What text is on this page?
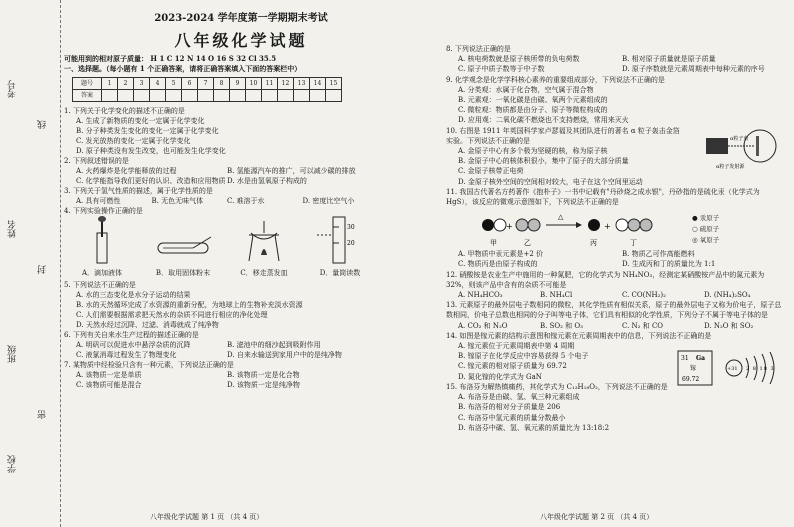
学校
班级
姓名
考号
密
封
线
2023-2024 学年度第一学期期末考试
八年级化学试题
可能用到的相对原子质量： H 1 C 12 N 14 O 16 S 32 Cl 35.5
一、选择题。（每小题有 1 个正确答案，请将正确答案填入下面的答案栏中）
题号	1	2	3	4	5	6	7	8	9	10	11	12	13	14	15
答案															
1. 下列关于化学变化的描述不正确的是
A. 生成了新物质的变化一定属于化学变化
B. 分子种类发生变化的变化一定属于化学变化
C. 发光放热的变化一定属于化学变化
D. 原子种类没有发生改变，也可能发生化学变化
2. 下列叙述错误的是
A. 火药爆炸是化学能释放的过程	B. 氢能源汽车的推广，可以减少碳的排放
C. 化学能指导我们更好的认识、改造和应用物质 D. 水是由氢氧原子构成的
3. 下列关于氢气性质的描述，属于化学性质的是
A. 具有可燃性	B. 无色无味气体	C. 难溶于水	D. 密度比空气小
4. 下列实验操作正确的是
A．滴加液体	B．取用固体粉末	C．移走蒸发皿
30
20
D．量筒读数
5. 下列说法不正确的是
A. 水的三态变化是水分子运动的结果
B. 水的天然循环完成了水资源的重新分配，为地球上的生物补充淡水资源
C. 人们需要根据需求把天然水的杂质不同进行相应的净化处理
D. 天然水经过沉降、过滤、消毒就成了纯净物
6. 下列有关自来水生产过程的描述正确的是
A. 明矾可以促进水中悬浮杂质的沉降	B. 滤池中的细沙起到吸附作用
C. 液氯消毒过程发生了物理变化	D. 自来水输送到家用户中的是纯净物
7. 某物质中经检验只含有一种元素，下列说法正确的是
A. 该物质一定是单质	B. 该物质一定是化合物
C. 该物质可能是混合	D. 该物质一定是纯净物
八年级化学试题 第 1 页 （共 4 页）
8. 下列说法正确的是
A. 核电荷数就是原子核所带的负电荷数	B. 相对原子质量就是原子质量
C. 原子中质子数等于中子数	D. 原子序数就是元素周期表中每种元素的序号
9. 化学观念是化学学科核心素养的重要组成部分，下列说法不正确的是
A. 分类观：水属于化合物，空气属于混合物
B. 元素观：一氧化碳是由碳、氧两个元素组成的
C. 微粒观：物质都是由分子、原子等微粒构成的
D. 应用观：二氧化碳不燃烧也不支持燃烧，常用来灭火
10. 右图是 1911 年英国科学家卢瑟福及其团队进行的著名 α 粒子轰击金箔实验。下列说法不正确的是
A. 金原子中心有多个极为坚硬的核，称为原子核
B. 金原子中心的核体积很小，集中了原子的大部分质量
C. 金原子核带正电荷
D. 金原子核外空间的空间相对较大，电子在这个空间里运动
α粒子发射源
α粒子束
11. 我国古代著名方药著作《抱朴子》一书中记载有"丹砂烧之成水银"，丹砂指的是硫化汞（化学式为 HgS），该反应的微观示意图如下，下列说法不正确的是
+
△
+
甲	乙	丙	丁
● 汞原子
○ 硫原子
◎ 氧原子
A. 甲物质中汞元素是+2 价	B. 物质乙可作高能燃料
C. 物质丙是由原子构成的	D. 生成丙和丁的质量比为 1:1
12. 硝酸铵是农业生产中施用的一种氮肥，它的化学式为 NH₄NO₃，经测定某硝酸铵产品中的氮元素为 32%，则该产品中含有的杂质不可能是
A. NH₄HCO₃	B. NH₄Cl	C. CO(NH₂)₂	D. (NH₄)₂SO₄
13. 元素原子的最外层电子数相同的微粒，其化学性质有相似关系，原子的最外层电子又称为价电子，原子总数相同，价电子总数也相同的分子叫等电子体，它们具有相似的化学性质，下列分子不属于等电子体的是
A. CO₂ 和 N₂O	B. SO₂ 和 O₃	C. N₂ 和 CO	D. N₂O 和 SO₂
14. 如图是镓元素的结构示意图和镓元素在元素周期表中的信息，下列说法不正确的是
A. 镓元素位于元素周期表中第 4 周期
B. 镓原子在化学反应中容易获得 5 个电子
C. 镓元素的相对原子质量为 69.72
D. 氮化镓的化学式为 GaN
31 Ga
镓
69.72
+31 2 8 18 3
15. 布洛芬为解热镇痛药，其化学式为 C₁₃H₁₈O₂，下列说法不正确的是
A. 布洛芬是由碳、氢、氧三种元素组成
B. 布洛芬的相对分子质量是 206
C. 布洛芬中氢元素的质量分数最小
D. 布洛芬中碳、氢、氧元素的质量比为 13:18:2
八年级化学试题 第 2 页 （共 4 页）
